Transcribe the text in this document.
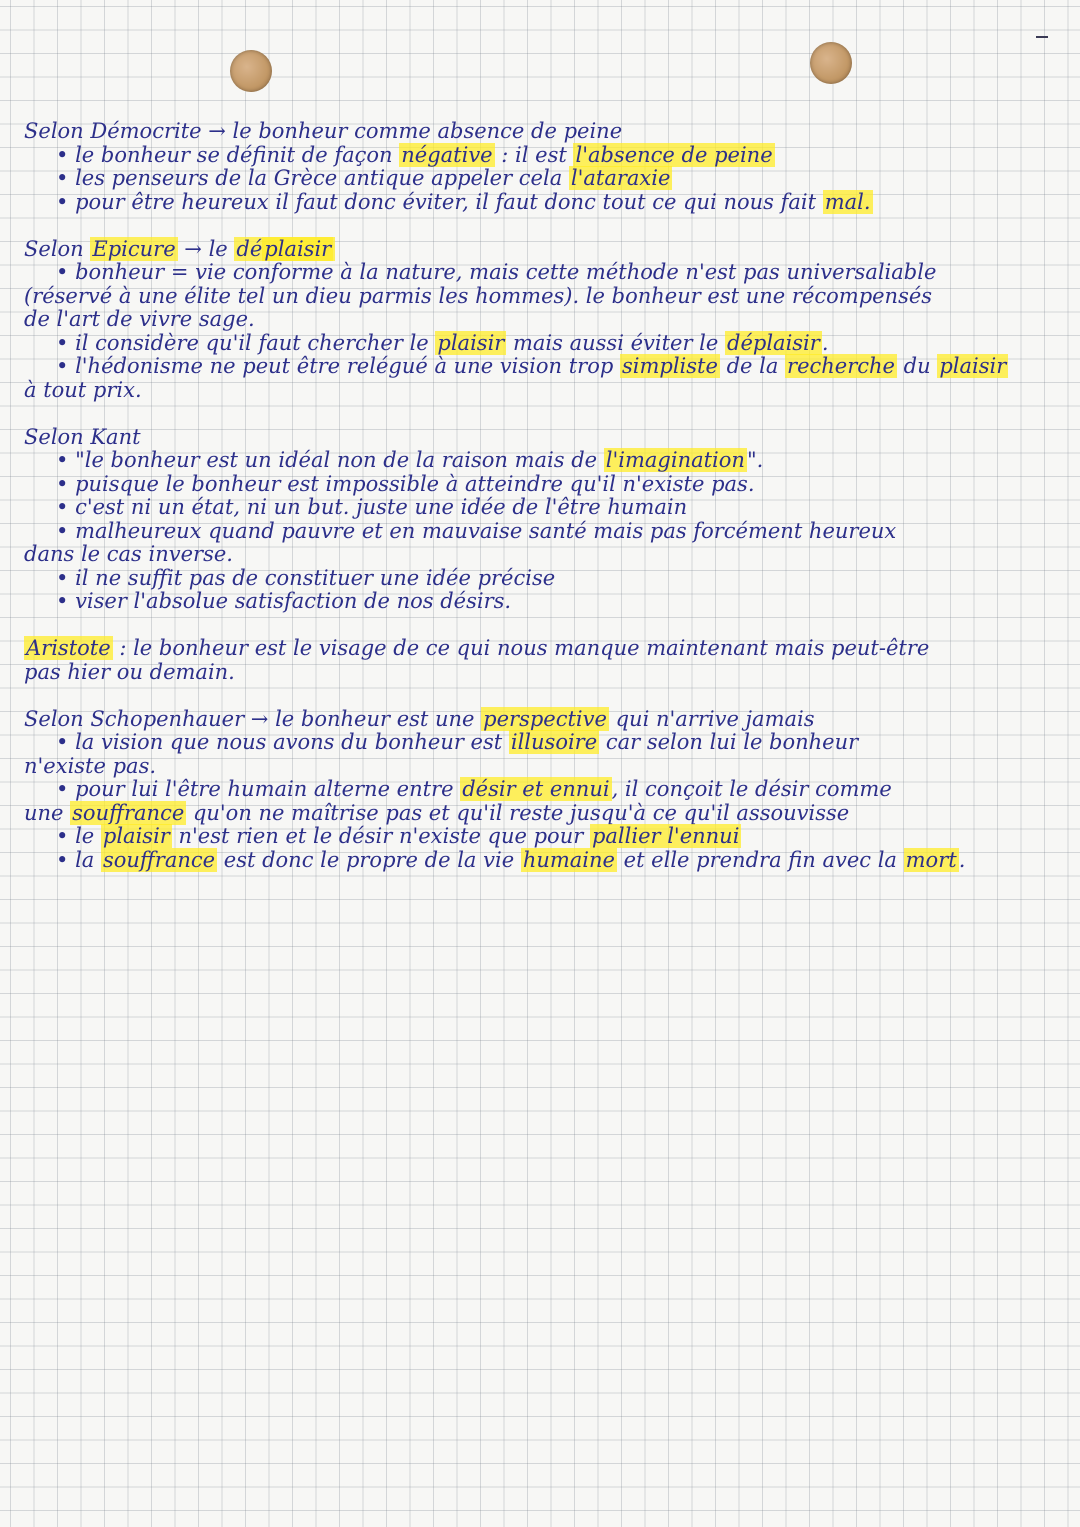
Selon Démocrite → le bonheur comme absence de peine
• le bonheur se définit de façon négative : il est l'absence de peine
• les penseurs de la Grèce antique appeler cela l'ataraxie
• pour être heureux il faut donc éviter, il faut donc tout ce qui nous fait mal.
Selon Epicure → le déplaisir
• bonheur = vie conforme à la nature, mais cette méthode n'est pas universaliable
(réservé à une élite tel un dieu parmis les hommes). le bonheur est une récompensés
de l'art de vivre sage.
• il considère qu'il faut chercher le plaisir mais aussi éviter le déplaisir.
• l'hédonisme ne peut être relégué à une vision trop simpliste de la recherche du plaisir
à tout prix.
Selon Kant
• "le bonheur est un idéal non de la raison mais de l'imagination".
• puisque le bonheur est impossible à atteindre qu'il n'existe pas.
• c'est ni un état, ni un but. juste une idée de l'être humain
• malheureux quand pauvre et en mauvaise santé mais pas forcément heureux
dans le cas inverse.
• il ne suffit pas de constituer une idée précise
• viser l'absolue satisfaction de nos désirs.
Aristote : le bonheur est le visage de ce qui nous manque maintenant mais peut-être
pas hier ou demain.
Selon Schopenhauer → le bonheur est une perspective qui n'arrive jamais
• la vision que nous avons du bonheur est illusoire car selon lui le bonheur
n'existe pas.
• pour lui l'être humain alterne entre désir et ennui, il conçoit le désir comme
une souffrance qu'on ne maîtrise pas et qu'il reste jusqu'à ce qu'il assouvisse
• le plaisir n'est rien et le désir n'existe que pour pallier l'ennui
• la souffrance est donc le propre de la vie humaine et elle prendra fin avec la mort.
